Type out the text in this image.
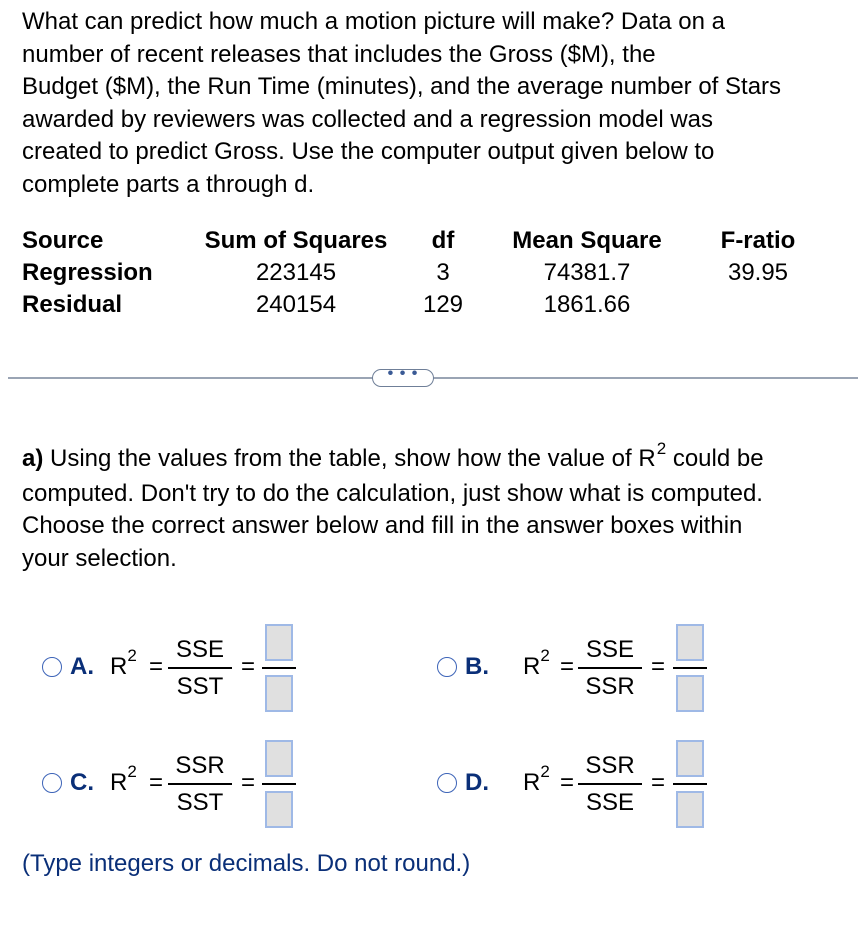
What can predict how much a motion picture will make? Data on a
number of recent releases that includes the Gross ($M), the
Budget ($M), the Run Time (minutes), and the average number of Stars
awarded by reviewers was collected and a regression model was
created to predict Gross. Use the computer output given below to
complete parts a through d.
Source	Sum of Squares	df	Mean Square	F-ratio
Regression	223145	3	74381.7	39.95
Residual	240154	129	1861.66
• • •
a) Using the values from the table, show how the value of $R^2$ could be
computed. Don't try to do the calculation, just show what is computed.
Choose the correct answer below and fill in the answer boxes within
your selection.
A. $R^2$ =
SSE
SST
=	B. $R^2$ =
SSE
SSR
=
C. $R^2$ =
SSR
SST
=	D. $R^2$ =
SSR
SSE
=
(Type integers or decimals. Do not round.)
